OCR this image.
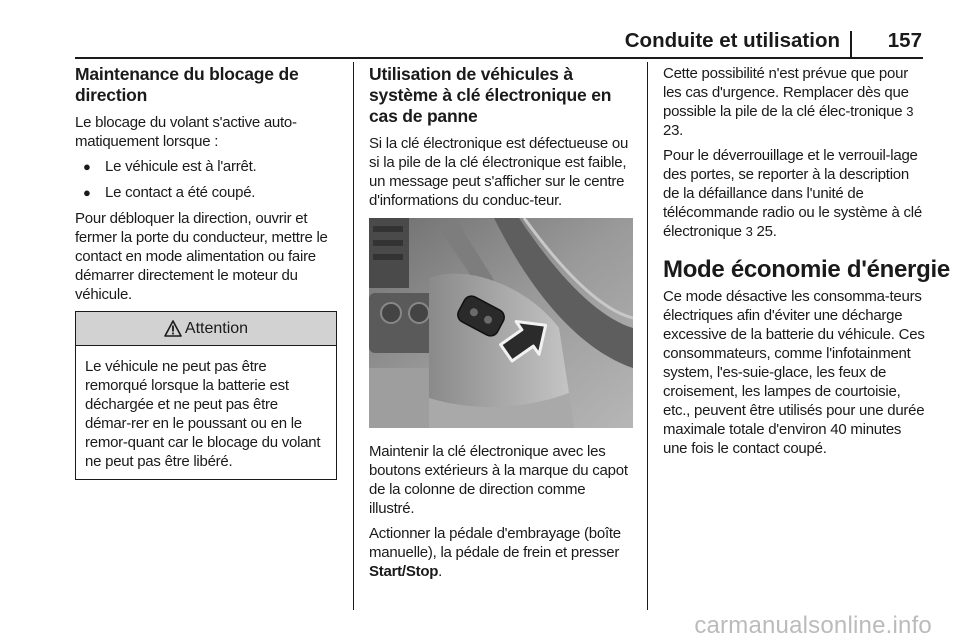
Conduite et utilisation	157
Maintenance du blocage de direction

Le blocage du volant s'active auto-matiquement lorsque :

● Le véhicule est à l'arrêt.
● Le contact a été coupé.

Pour débloquer la direction, ouvrir et fermer la porte du conducteur, mettre le contact en mode alimentation ou faire démarrer directement le moteur du véhicule.

Attention

Le véhicule ne peut pas être remorqué lorsque la batterie est déchargée et ne peut pas être démar-rer en le poussant ou en le remor-quant car le blocage du volant ne peut pas être libéré.

Utilisation de véhicules à système à clé électronique en cas de panne

Si la clé électronique est défectueuse ou si la pile de la clé électronique est faible, un message peut s'afficher sur le centre d'informations du conduc-teur.

Maintenir la clé électronique avec les boutons extérieurs à la marque du capot de la colonne de direction comme illustré.

Actionner la pédale d'embrayage (boîte manuelle), la pédale de frein et presser Start/Stop.

Cette possibilité n'est prévue que pour les cas d'urgence. Remplacer dès que possible la pile de la clé élec-tronique 3 23.

Pour le déverrouillage et le verrouil-lage des portes, se reporter à la description de la défaillance dans l'unité de télécommande radio ou le système à clé électronique 3 25.

Mode économie d'énergie

Ce mode désactive les consomma-teurs électriques afin d'éviter une décharge excessive de la batterie du véhicule. Ces consommateurs, comme l'infotainment system, l'es-suie-glace, les feux de croisement, les lampes de courtoisie, etc., peuvent être utilisés pour une durée maximale totale d'environ 40 minutes une fois le contact coupé.

carmanualsonline.info
